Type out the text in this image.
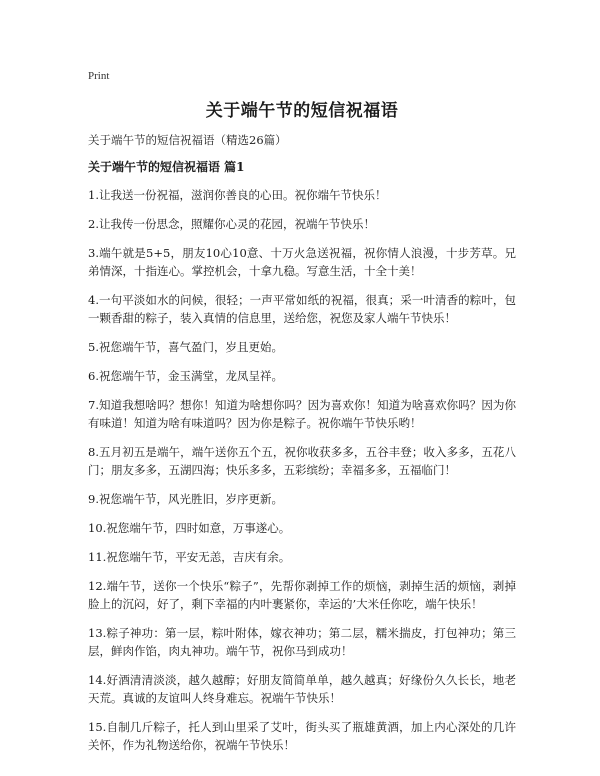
Print
关于端午节的短信祝福语
关于端午节的短信祝福语（精选26篇）
关于端午节的短信祝福语 篇1
1.让我送一份祝福，滋润你善良的心田。祝你端午节快乐！
2.让我传一份思念，照耀你心灵的花园，祝端午节快乐！
3.端午就是5+5，朋友10心10意、十万火急送祝福，祝你情人浪漫，十步芳草。兄弟情深，十指连心。掌控机会，十拿九稳。写意生活，十全十美！
4.一句平淡如水的问候，很轻；一声平常如纸的祝福，很真；采一叶清香的粽叶，包一颗香甜的粽子，装入真情的信息里，送给您，祝您及家人端午节快乐！
5.祝您端午节，喜气盈门，岁且更始。
6.祝您端午节，金玉满堂，龙凤呈祥。
7.知道我想啥吗？想你！知道为啥想你吗？因为喜欢你！知道为啥喜欢你吗？因为你有味道！知道为啥有味道吗？因为你是粽子。祝你端午节快乐哟！
8.五月初五是端午，端午送你五个五，祝你收获多多，五谷丰登；收入多多，五花八门；朋友多多，五湖四海；快乐多多，五彩缤纷；幸福多多，五福临门！
9.祝您端午节，风光胜旧，岁序更新。
10.祝您端午节，四时如意，万事遂心。
11.祝您端午节，平安无恙，吉庆有余。
12.端午节，送你一个快乐“粽子”，先帮你剥掉工作的烦恼，剥掉生活的烦恼，剥掉脸上的沉闷，好了，剩下幸福的内叶裹紧你，幸运的’大米任你吃，端午快乐！
13.粽子神功：第一层，粽叶附体，嫁衣神功；第二层，糯米揣皮，打包神功；第三层，鲜肉作馅，肉丸神功。端午节，祝你马到成功！
14.好酒清清淡淡，越久越醇；好朋友简简单单，越久越真；好缘份久久长长，地老天荒。真诚的友谊叫人终身难忘。祝端午节快乐！
15.自制几斤粽子，托人到山里采了艾叶，街头买了瓶雄黄酒，加上内心深处的几许关怀，作为礼物送给你，祝端午节快乐！
